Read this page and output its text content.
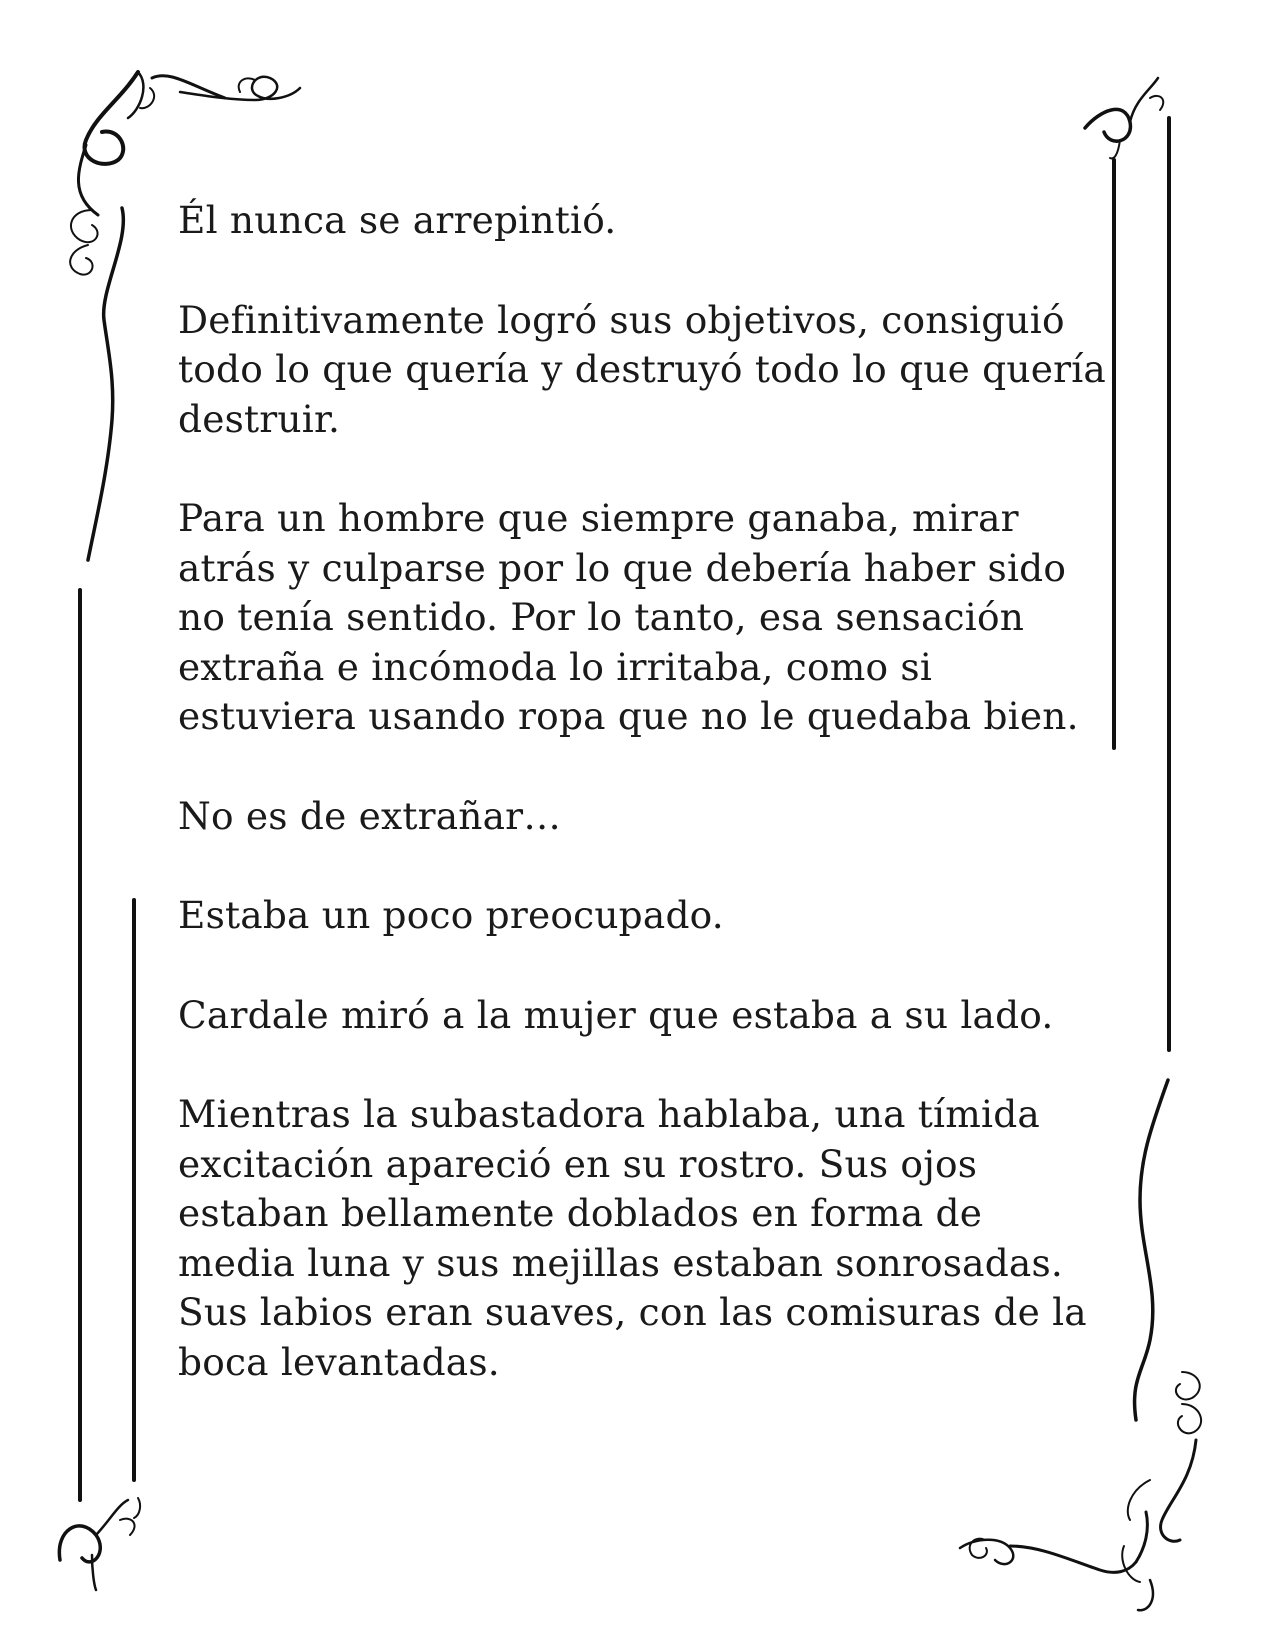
Él nunca se arrepintió.

Definitivamente logró sus objetivos, consiguió
todo lo que quería y destruyó todo lo que quería
destruir.

Para un hombre que siempre ganaba, mirar
atrás y culparse por lo que debería haber sido
no tenía sentido. Por lo tanto, esa sensación
extraña e incómoda lo irritaba, como si
estuviera usando ropa que no le quedaba bien.

No es de extrañar…

Estaba un poco preocupado.

Cardale miró a la mujer que estaba a su lado.

Mientras la subastadora hablaba, una tímida
excitación apareció en su rostro. Sus ojos
estaban bellamente doblados en forma de
media luna y sus mejillas estaban sonrosadas.
Sus labios eran suaves, con las comisuras de la
boca levantadas.
